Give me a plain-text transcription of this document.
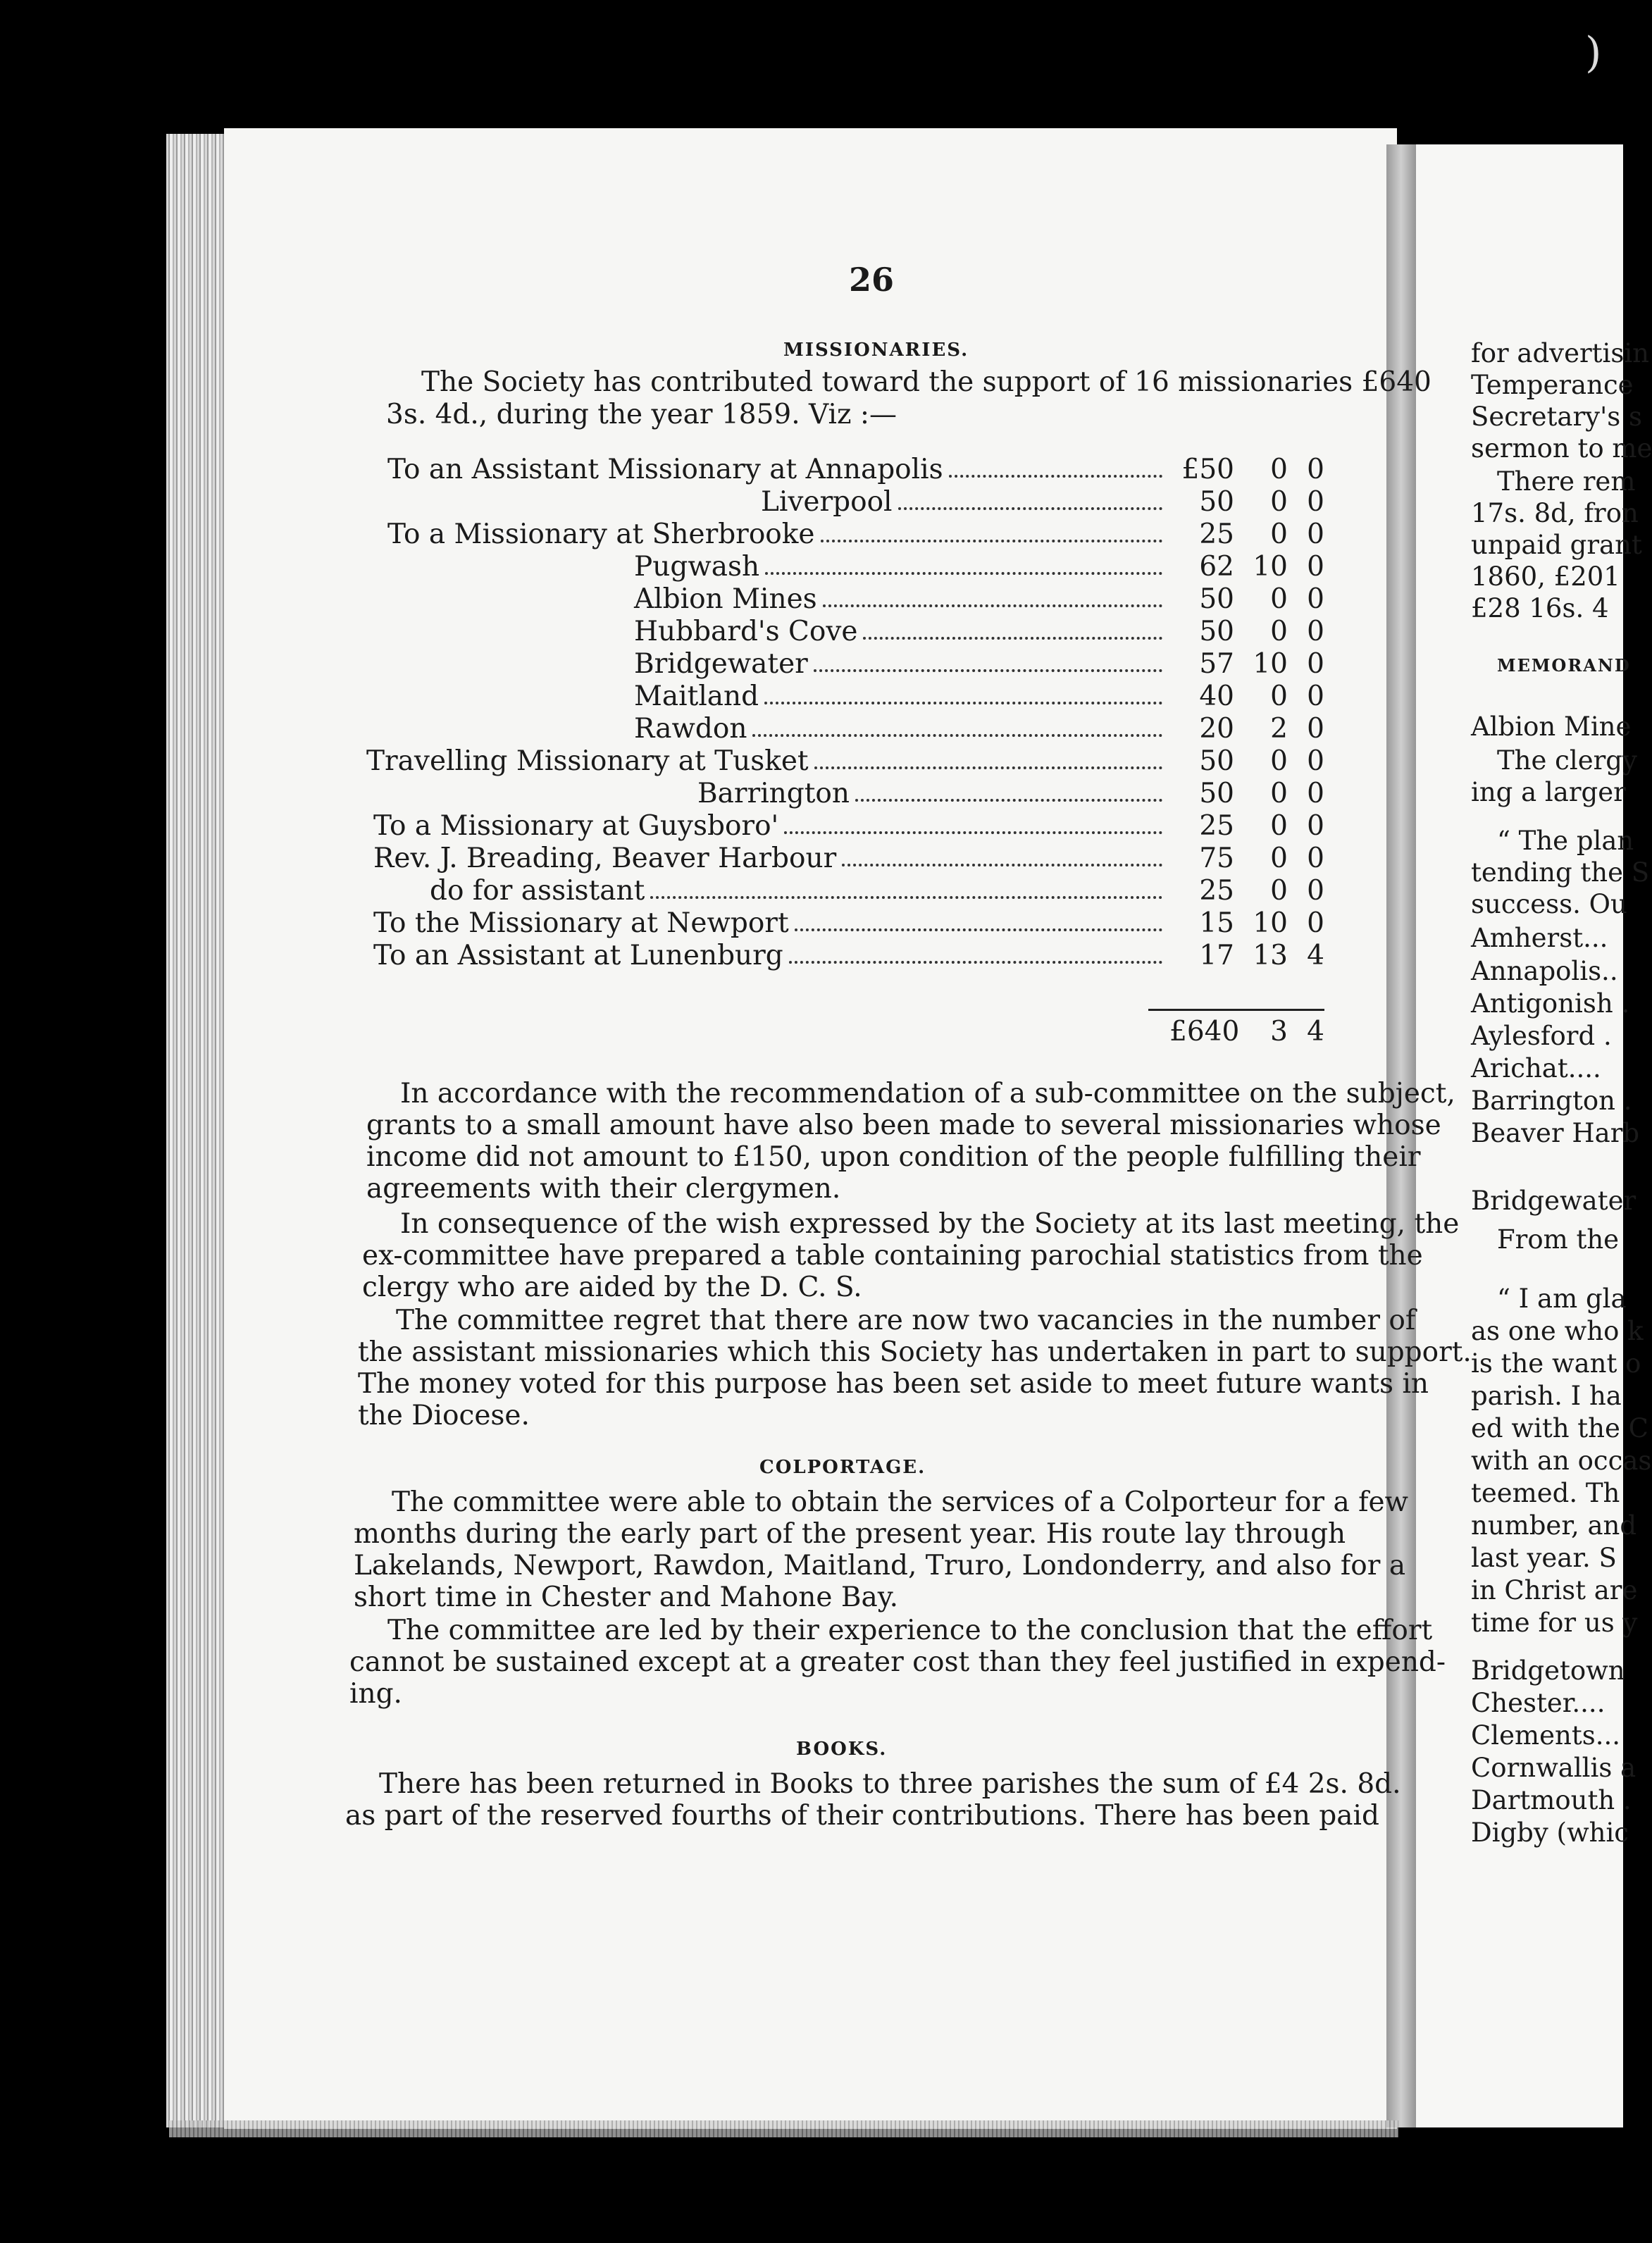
)
26
MISSIONARIES.
The Society has contributed toward the support of 16 missionaries £640
3s. 4d., during the year 1859. Viz :—
To an Assistant Missionary at Annapolis	£50	0 0
Liverpool	50	0 0
To a Missionary at Sherbrooke	25	0 0
Pugwash	62 10 0
Albion Mines	50	0 0
Hubbard's Cove	50	0 0
Bridgewater	57 10 0
Maitland	40	0 0
Rawdon	20	2 0
Travelling Missionary at Tusket	50	0 0
Barrington	50	0 0
To a Missionary at Guysboro'	25	0 0
Rev. J. Breading, Beaver Harbour	75	0 0
do for assistant	25	0 0
To the Missionary at Newport	15 10 0
To an Assistant at Lunenburg	17 13 4
£640	3 4
In accordance with the recommendation of a sub-committee on the subject,
grants to a small amount have also been made to several missionaries whose
income did not amount to £150, upon condition of the people fulfilling their
agreements with their clergymen.
In consequence of the wish expressed by the Society at its last meeting, the
ex-committee have prepared a table containing parochial statistics from the
clergy who are aided by the D. C. S.
The committee regret that there are now two vacancies in the number of
the assistant missionaries which this Society has undertaken in part to support.
The money voted for this purpose has been set aside to meet future wants in
the Diocese.
COLPORTAGE.
The committee were able to obtain the services of a Colporteur for a few
months during the early part of the present year. His route lay through
Lakelands, Newport, Rawdon, Maitland, Truro, Londonderry, and also for a
short time in Chester and Mahone Bay.
The committee are led by their experience to the conclusion that the effort
cannot be sustained except at a greater cost than they feel justified in expend-
ing.
BOOKS.
There has been returned in Books to three parishes the sum of £4 2s. 8d.
as part of the reserved fourths of their contributions. There has been paid
for advertisin
Temperance
Secretary's s
sermon to me
There rem
17s. 8d, fron
unpaid grant
1860, £201
£28 16s. 4
Albion Mine
The clergy
ing a larger
“ The plan
tending the S
success. Ou
Amherst...
Annapolis..
Antigonish .
Aylesford .
Arichat....
Barrington .
Beaver Harb
Bridgewater
From the
“ I am gla
as one who k
is the want o
parish. I ha
ed with the C
with an occas
teemed. Th
number, and
last year. S
in Christ are
time for us y
Bridgetown
Chester....
Clements...
Cornwallis a
Dartmouth .
Digby (whic
MEMORAND
